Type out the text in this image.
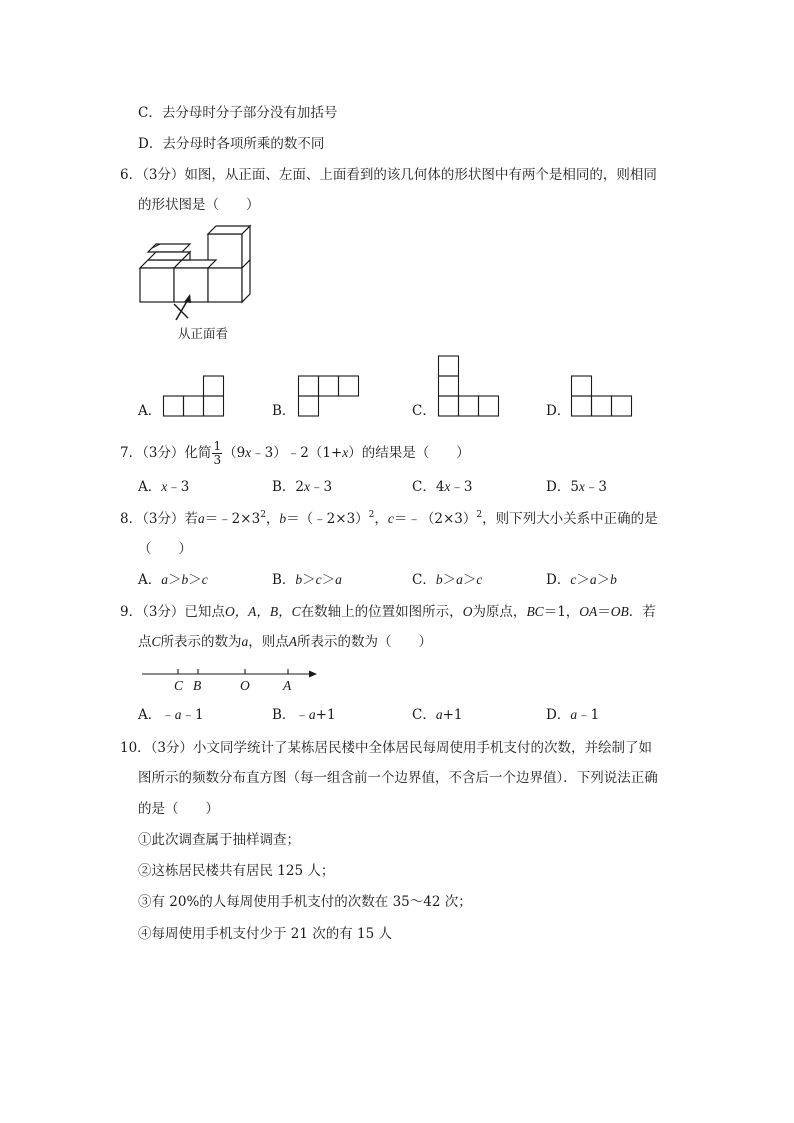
C．去分母时分子部分没有加括号
D．去分母时各项所乘的数不同
6．（3分）如图，从正面、左面、上面看到的该几何体的形状图中有两个是相同的，则相同
的形状图是（　　）
从正面看
A．	B．	C．	D．
7．（3分）化简 $\frac{1}{3}$ （9x﹣3）﹣2（1+x）的结果是（　　）
A．x﹣3	B．2x﹣3	C．4x﹣3	D．5x﹣3
8．（3分）若$a=﹣2\times 3^2$，b＝（﹣2×3）$^2$，$c=﹣(2\times 3)^2$，则下列大小关系中正确的是
（　　）
A．a＞b＞c	B．b＞c＞a	C．b＞a＞c	D．c＞a＞b
9．（3分）已知点O，A，B，C在数轴上的位置如图所示，O为原点，BC＝1，OA＝OB．若
点C所表示的数为a，则点A所表示的数为（　　）
C B	O A
A．﹣a﹣1	B．﹣a+1	C．a+1	D．a﹣1
10．（3分）小文同学统计了某栋居民楼中全体居民每周使用手机支付的次数，并绘制了如
图所示的频数分布直方图（每一组含前一个边界值，不含后一个边界值）．下列说法正确
的是（　　）
①此次调查属于抽样调查；
②这栋居民楼共有居民 125 人；
③有 20%的人每周使用手机支付的次数在 35～42 次；
④每周使用手机支付少于 21 次的有 15 人
